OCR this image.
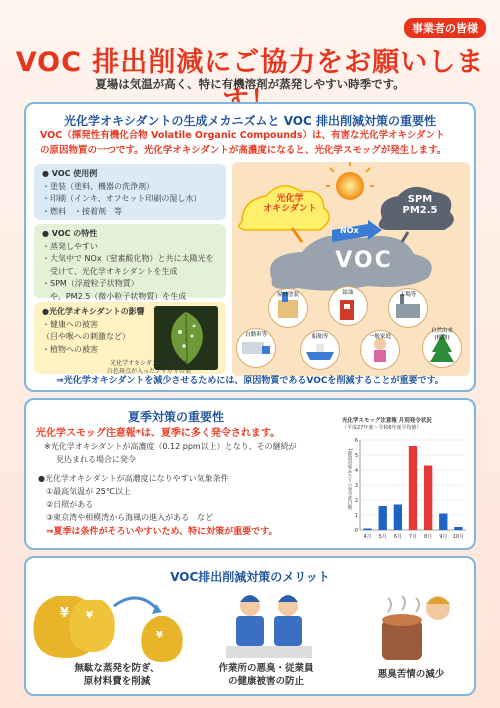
事業者の皆様
VOC 排出削減にご協力をお願いしま
夏場は気温が高く、特に有機溶剤が蒸発しやすい時季です。
光化学オキシダントの生成メカニズムと VOC 排出削減対策の重要性
VOC（揮発性有機化合物 Volatile Organic Compounds）は、有害な光化学オキシダント
の原因物質の一つです。光化学オキシダントが高濃度になると、光化学スモッグが発生します。
● VOC 使用例
・塗装（塗料、機器の洗浄剤）
・印刷（インキ、オフセット印刷の湿し水）
・燃料　・接着剤　等
● VOC の特性
・蒸発しやすい
・大気中で NOx（窒素酸化物）と共に太陽光を
　受けて、光化学オキシダントを生成
・SPM（浮遊粒子状物質）
　や、PM2.5（微小粒子状物質）を生成
●光化学オキシダントの影響
・健康への被害
（目や喉への刺激など）
・植物への被害
光化学オキシダントの影響で
白色斑点が入ったアサガオの葉
光化学
オキシダント
SPM
PM2.5
NOx
VOC
屋外塗装	給油	工場等
自動車等	船舶等	一般家庭
自然由来
(植物)
⇒光化学オキシダントを減少させるためには、原因物質であるVOCを削減することが重要です。
夏季対策の重要性
光化学スモッグ注意報*は、夏季に多く発令されます。
※光化学オキシダントが高濃度（0.12 ppm以上）となり、その継続が
見込まれる場合に発令
●光化学オキシダントが高濃度になりやすい気象条件
①最高気温が 25℃以上
②日照がある
③東京湾や相模湾から海風の進入がある　など
⇒夏季は条件がそろいやすいため、特に対策が重要です。
光化学スモッグ注意報 月別発令状況
（平成27年度〜令和6年度平均値）
0
1
2
3
4
5
6
4月 5月 6月 7月 8月 9月 10月
1都道府県あたりの発令延日数
VOC排出削減対策のメリット
¥ ¥
¥
無駄な蒸発を防ぎ、
原材料費を削減
作業所の悪臭・従業員
の健康被害の防止
悪臭苦情の減少
